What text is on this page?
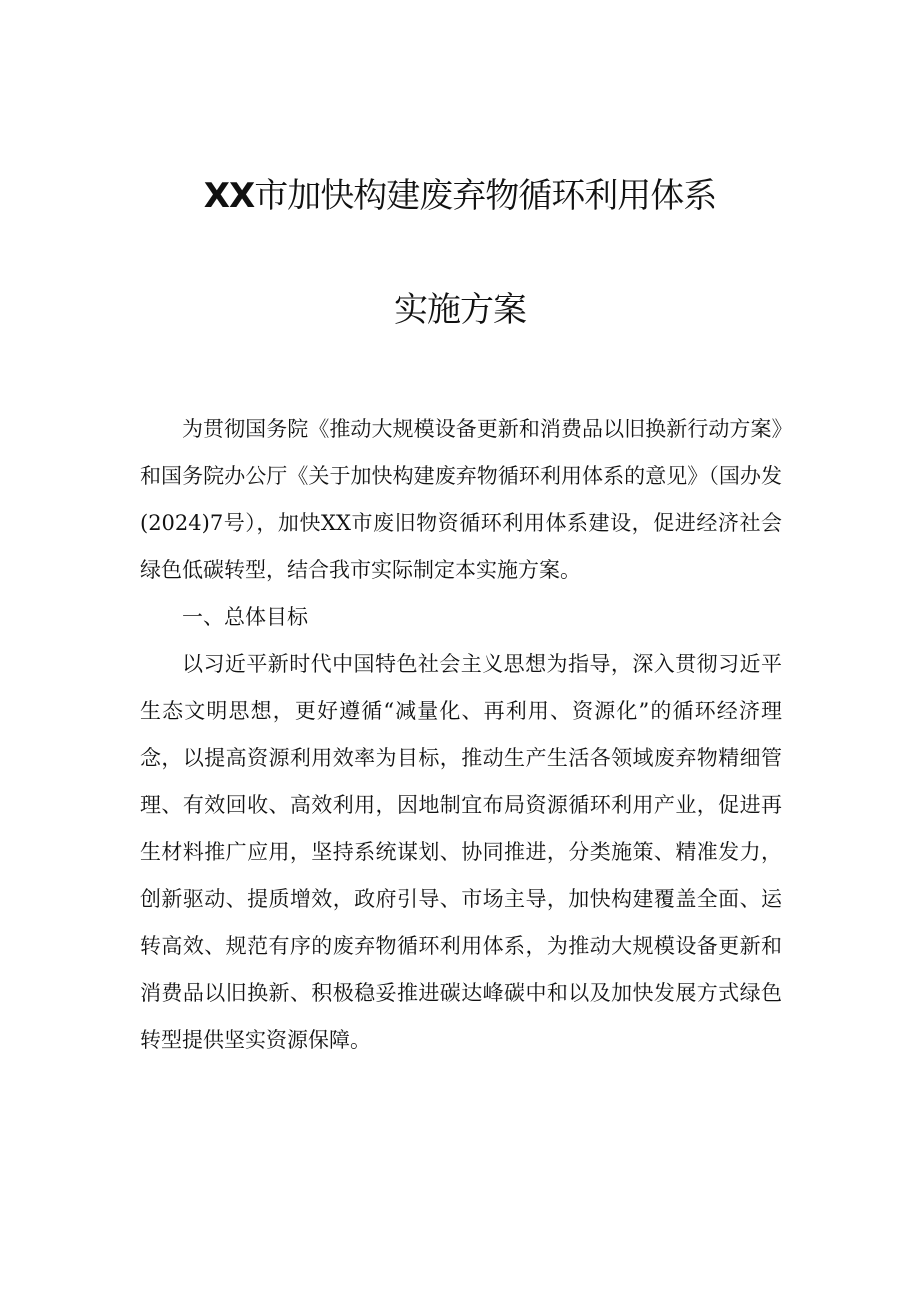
XX市加快构建废弃物循环利用体系
实施方案

为贯彻国务院《推动大规模设备更新和消费品以旧换新行动方案》和国务院办公厅《关于加快构建废弃物循环利用体系的意见》（国办发(2024)7号），加快XX市废旧物资循环利用体系建设，促进经济社会绿色低碳转型，结合我市实际制定本实施方案。

一、总体目标

以习近平新时代中国特色社会主义思想为指导，深入贯彻习近平生态文明思想，更好遵循“减量化、再利用、资源化”的循环经济理念，以提高资源利用效率为目标，推动生产生活各领域废弃物精细管理、有效回收、高效利用，因地制宜布局资源循环利用产业，促进再生材料推广应用，坚持系统谋划、协同推进，分类施策、精准发力，创新驱动、提质增效，政府引导、市场主导，加快构建覆盖全面、运转高效、规范有序的废弃物循环利用体系，为推动大规模设备更新和消费品以旧换新、积极稳妥推进碳达峰碳中和以及加快发展方式绿色转型提供坚实资源保障。
